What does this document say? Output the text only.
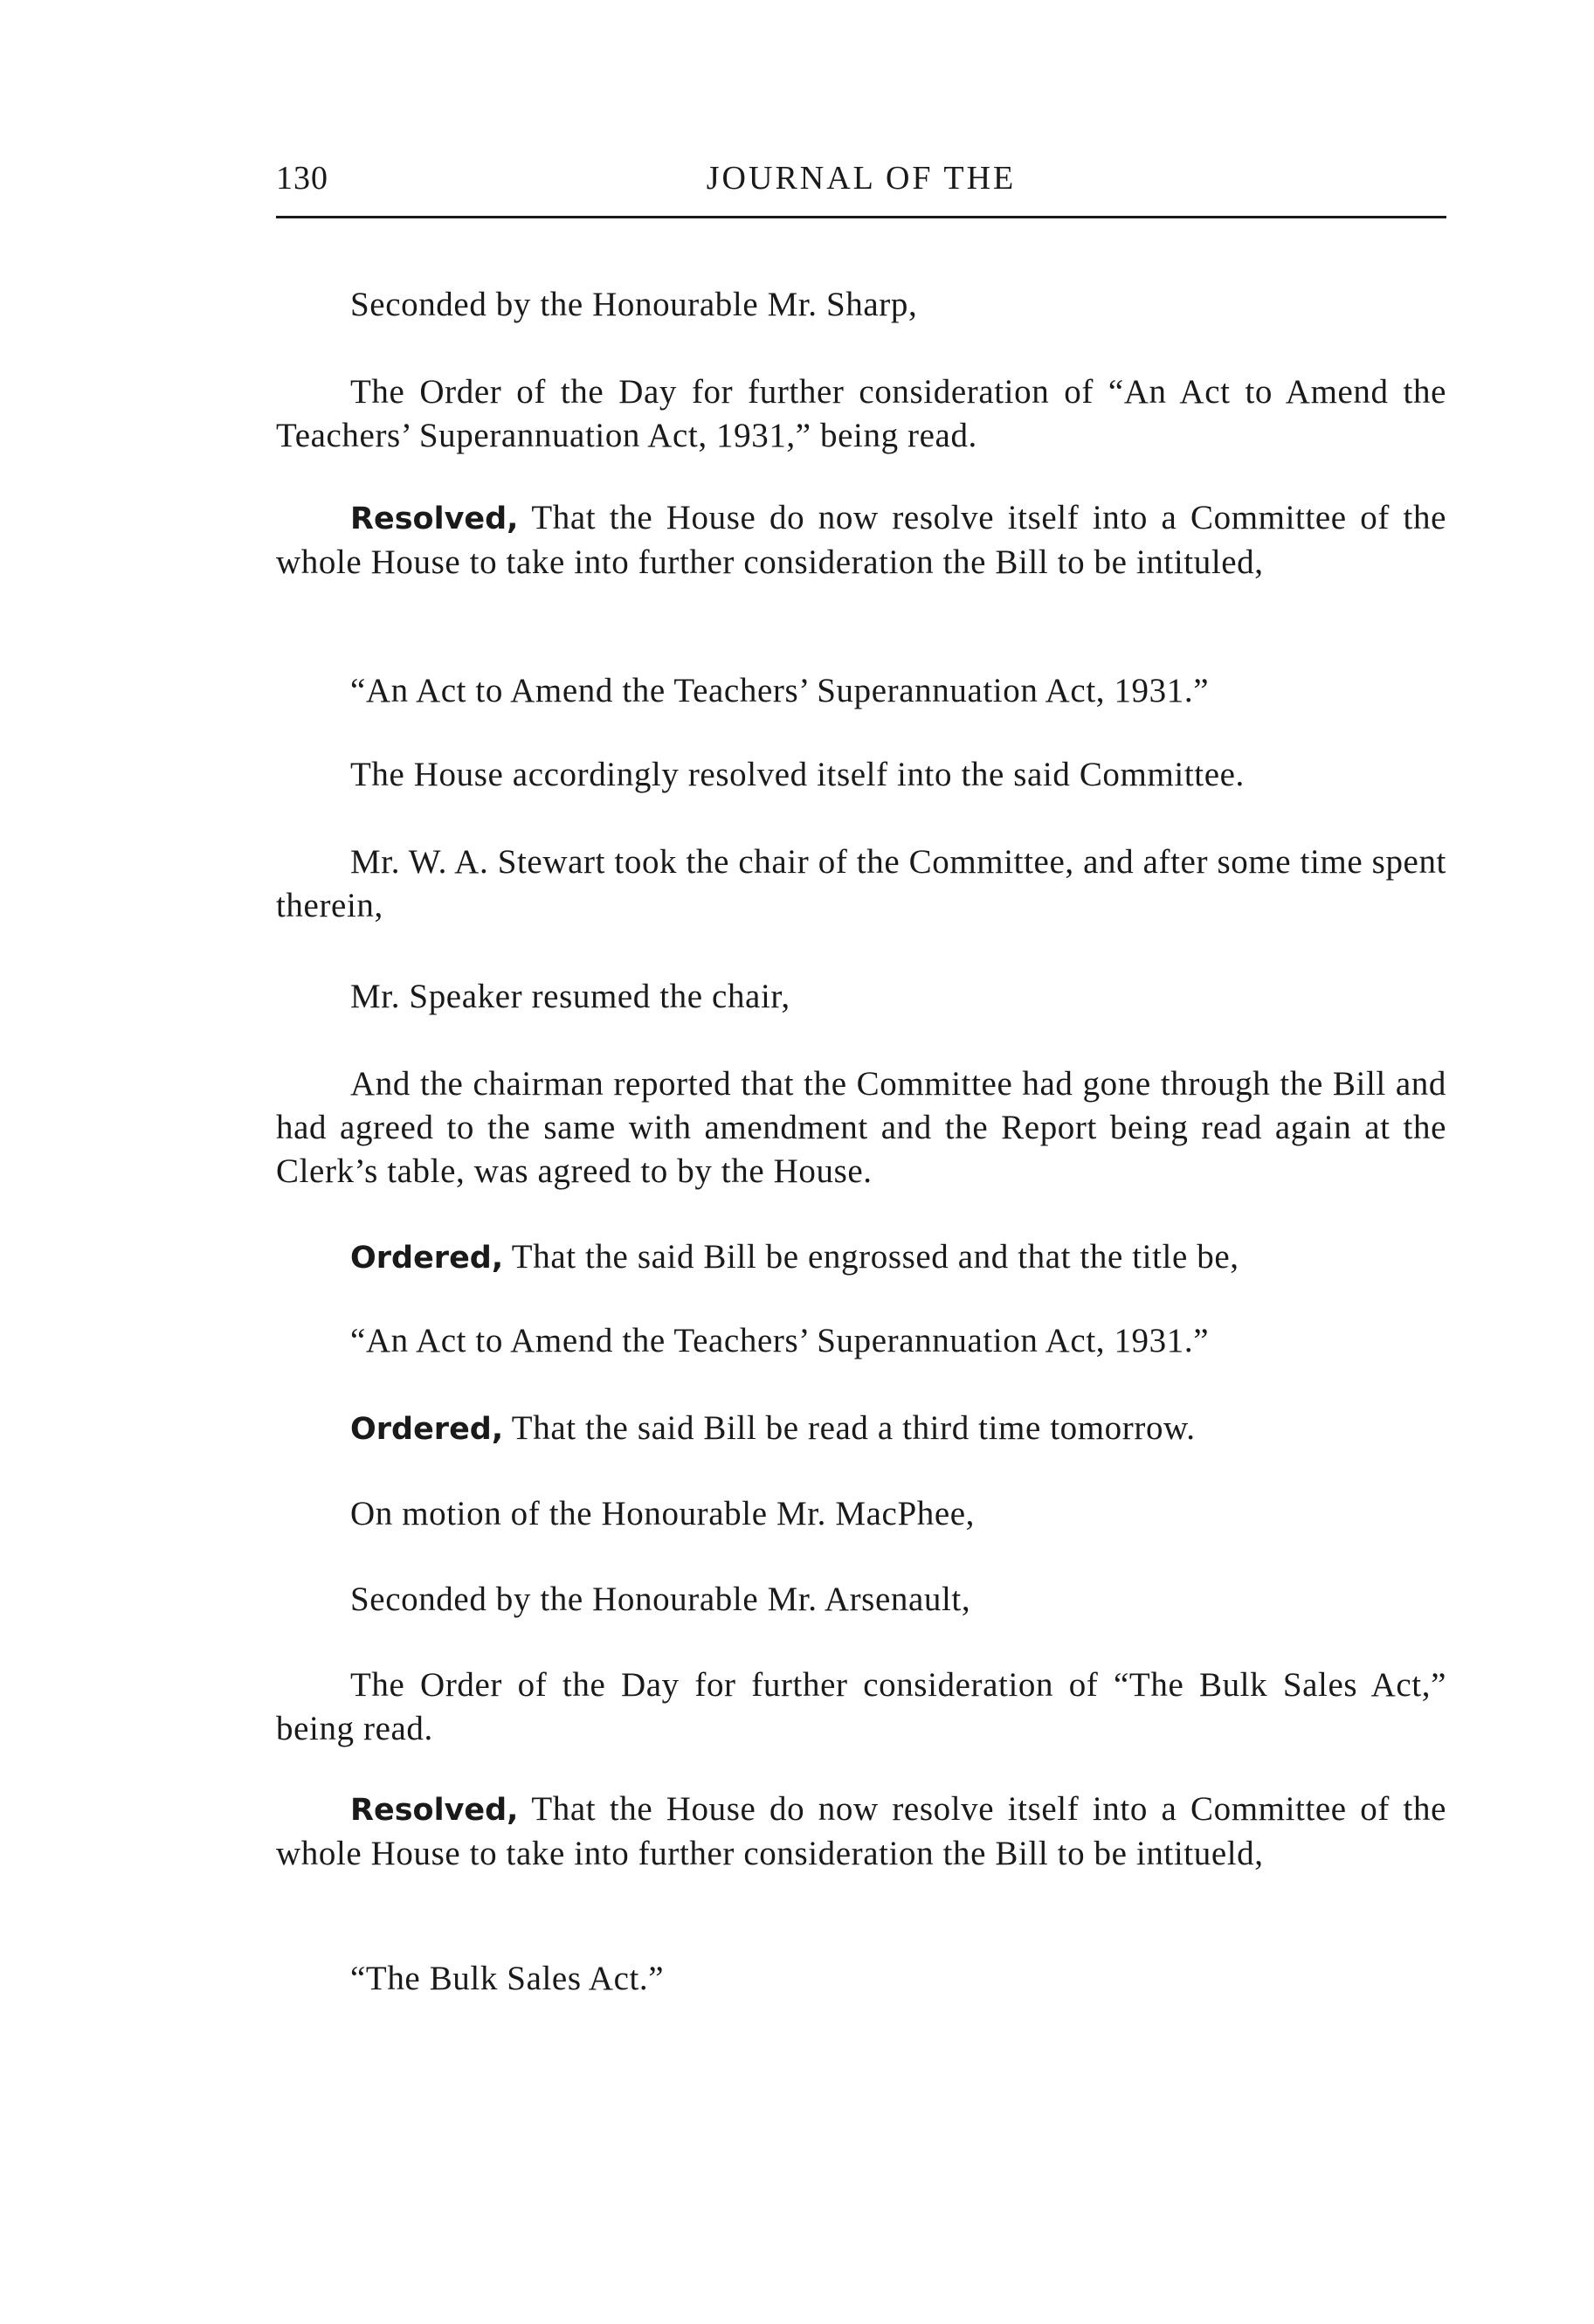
130	JOURNAL OF THE

Seconded by the Honourable Mr. Sharp,

The Order of the Day for further consideration of “An Act to Amend the Teachers’ Superannuation Act, 1931,” being read.

Resolved, That the House do now resolve itself into a Committee of the whole House to take into further consideration the Bill to be intituled,

“An Act to Amend the Teachers’ Superannuation Act, 1931.”

The House accordingly resolved itself into the said Committee.

Mr. W. A. Stewart took the chair of the Committee, and after some time spent therein,

Mr. Speaker resumed the chair,

And the chairman reported that the Committee had gone through the Bill and had agreed to the same with amendment and the Report being read again at the Clerk’s table, was agreed to by the House.

Ordered, That the said Bill be engrossed and that the title be,

“An Act to Amend the Teachers’ Superannuation Act, 1931.”

Ordered, That the said Bill be read a third time tomorrow.

On motion of the Honourable Mr. MacPhee,

Seconded by the Honourable Mr. Arsenault,

The Order of the Day for further consideration of “The Bulk Sales Act,” being read.

Resolved, That the House do now resolve itself into a Committee of the whole House to take into further consideration the Bill to be intitueld,

“The Bulk Sales Act.”
